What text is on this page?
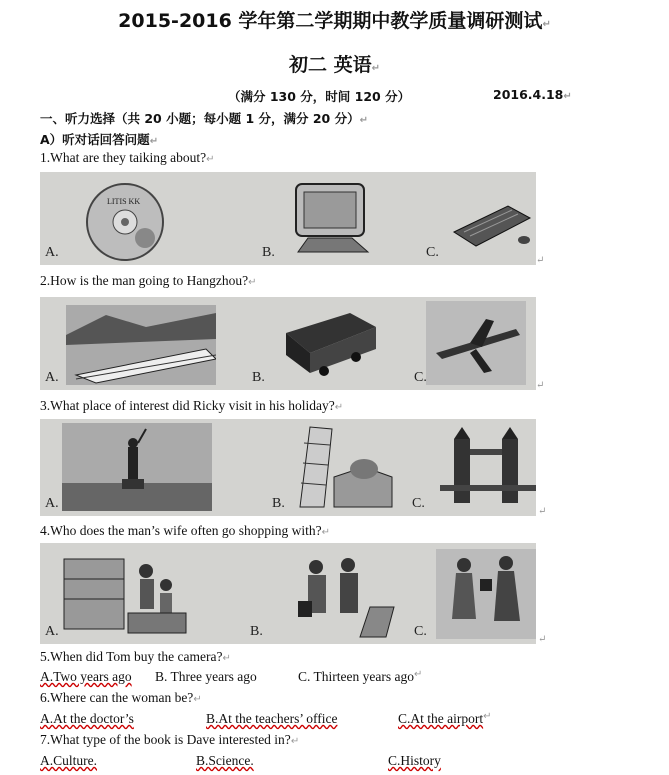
2015-2016 学年第二学期期中教学质量调研测试↵
初二 英语↵
（满分 130 分，时间 120 分）	2016.4.18↵
一、听力选择（共 20 小题；每小题 1 分，满分 20 分）↵
A）听对话回答问题↵
1.What are they taiking about?↵
LITIS KK
A.	B.	C.
↵
2.How is the man going to Hangzhou?↵
A.	B.	C.
↵
3.What place of interest did Ricky visit in his holiday?↵
A.	B.	C.
↵
4.Who does the man’s wife often go shopping with?↵
A.	B.	C.
↵
5.When did Tom buy the camera?↵
A.Two years ago B. Three years ago	C. Thirteen years ago ↵
6.Where can the woman be?↵
A.At the doctor’s	B.At the teachers’ office	C.At the airport ↵
7.What type of the book is Dave interested in?↵
A.Culture.	B.Science.	C.History
